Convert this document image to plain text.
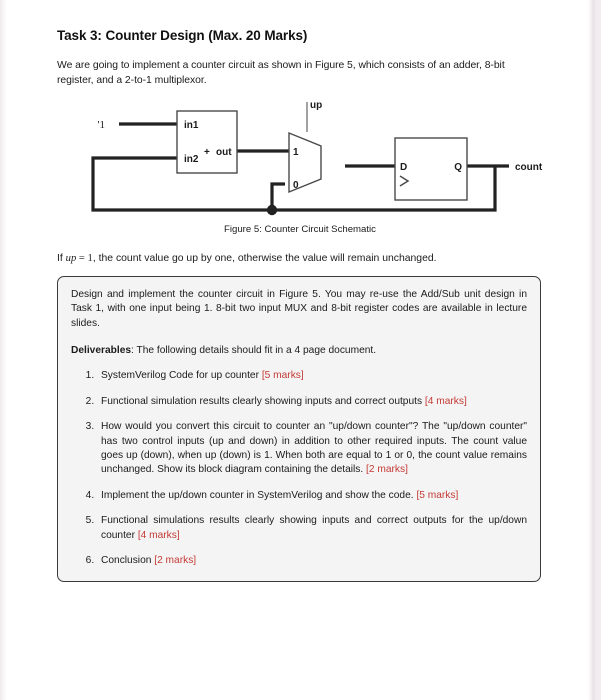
Task 3: Counter Design (Max. 20 Marks)

We are going to implement a counter circuit as shown in Figure 5, which consists of an adder, 8-bit register, and a 2-to-1 multiplexor.

'1	in1
in2
+ out
up
1
0
D	Q	count
Figure 5: Counter Circuit Schematic

If up = 1, the count value go up by one, otherwise the value will remain unchanged.

Design and implement the counter circuit in Figure 5. You may re-use the Add/Sub unit design in Task 1, with one input being 1. 8-bit two input MUX and 8-bit register codes are available in lecture slides.

Deliverables: The following details should fit in a 4 page document.

1. SystemVerilog Code for up counter [5 marks]
2. Functional simulation results clearly showing inputs and correct outputs [4 marks]
3. How would you convert this circuit to counter an "up/down counter"? The "up/down counter" has two control inputs (up and down) in addition to other required inputs. The count value goes up (down), when up (down) is 1. When both are equal to 1 or 0, the count value remains unchanged. Show its block diagram containing the details. [2 marks]
4. Implement the up/down counter in SystemVerilog and show the code. [5 marks]
5. Functional simulations results clearly showing inputs and correct outputs for the up/down counter [4 marks]
6. Conclusion [2 marks]
